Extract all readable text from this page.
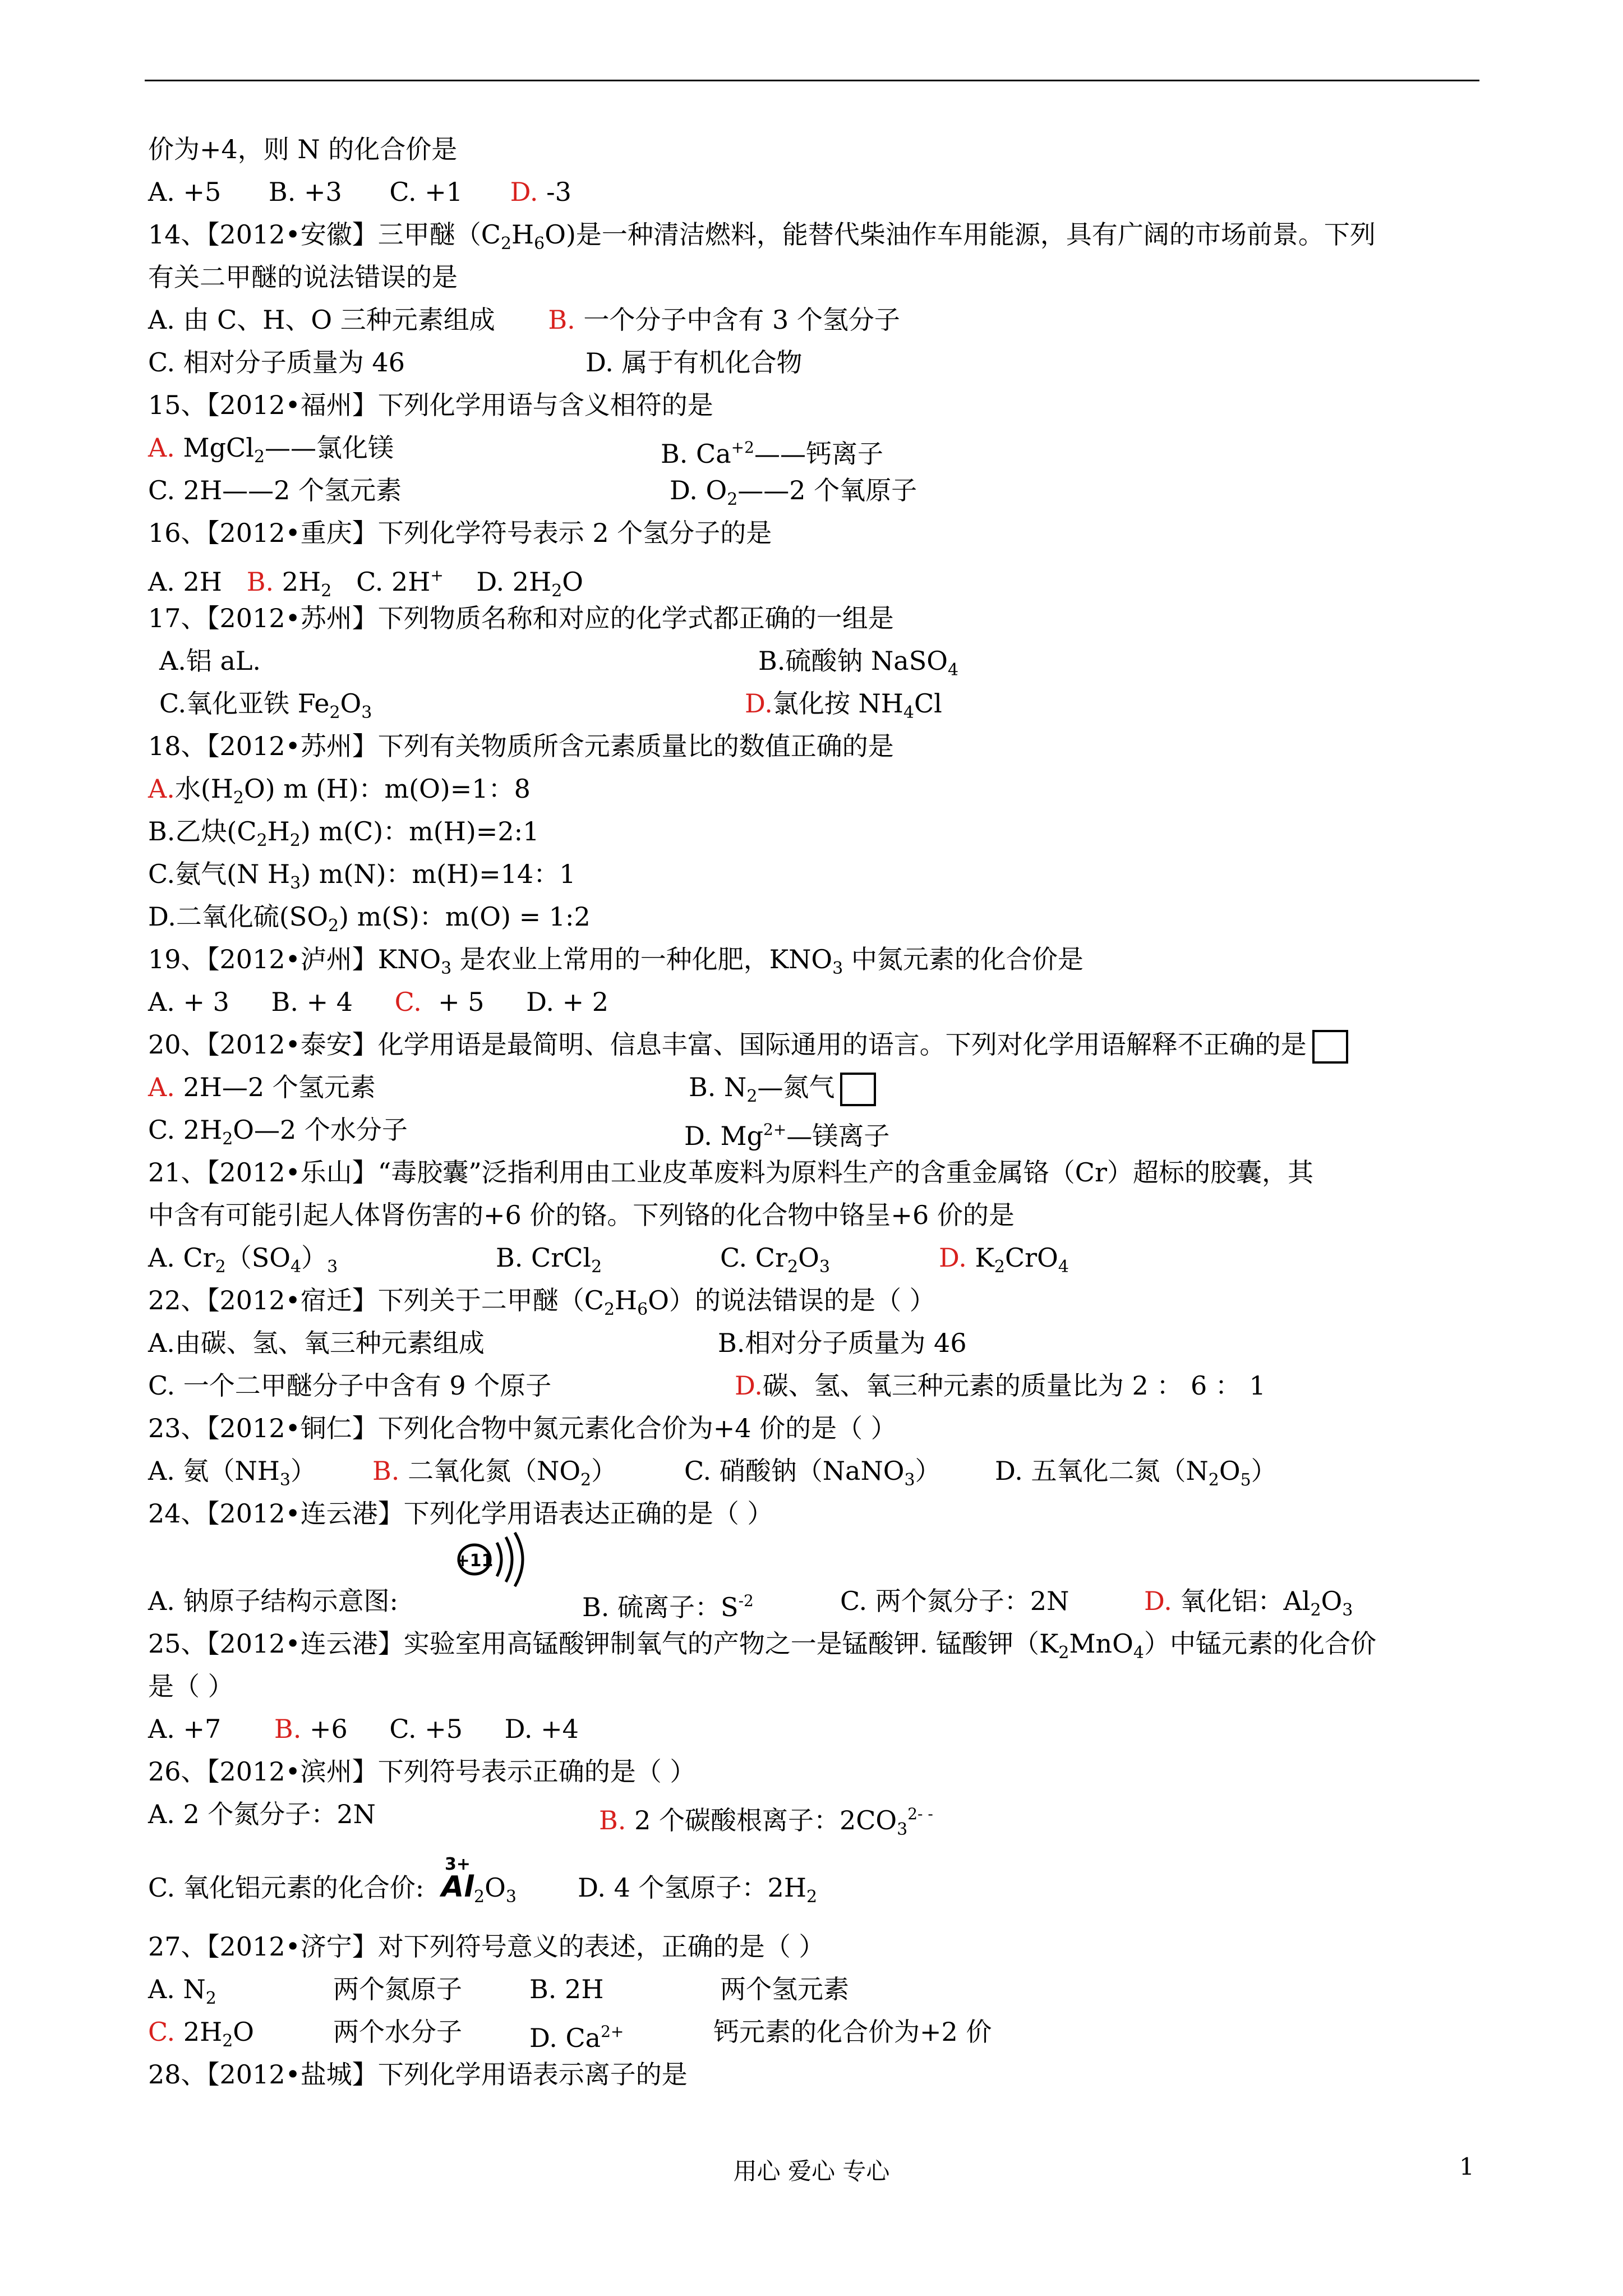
价为+4，则 N 的化合价是
A. +5 B. +3 C. +1 D. -3
14、【2012•安徽】三甲醚$(C_2H_6O)$是一种清洁燃料，能替代柴油作车用能源，具有广阔的市场前景。下列
有关二甲醚的说法错误的是
A. 由 C、H、O 三种元素组成 B. 一个分子中含有 3 个氢分子
C. 相对分子质量为 46	D. 属于有机化合物
15、【2012•福州】下列化学用语与含义相符的是
A. MgCl$_2$——氯化镁	B. $Ca^{+2}——$钙离子
C. 2H——2 个氢元素	D. $O_2——2$ 个氧原子
16、【2012•重庆】下列化学符号表示 2 个氢分子的是
A. 2H B. $2H_2$ C. 2H+ D. $2H_2O$
17、【2012•苏州】下列物质名称和对应的化学式都正确的一组是
A.铝 aL.	B.硫酸钠 NaSO$_4$
C.氧化亚铁 $Fe_2O_3$	D.氯化按 $NH_4Cl$
18、【2012•苏州】下列有关物质所含元素质量比的数值正确的是
A.水$(H_2O)$ m (H)：m(O)=1：8
B.乙炔$(C_2H_2)$ m(C)：m(H)=2:1
C.氨气(N $H_3$) m(N)：m(H)=14：1
D.二氧化硫$(SO_2)$ m(S)：m(O) = 1:2
19、【2012•泸州】$KNO_3$ 是农业上常用的一种化肥，$KNO_3$ 中氮元素的化合价是
A. + 3 B. + 4 C. + 5 D. + 2
20、【2012•泰安】化学用语是最简明、信息丰富、国际通用的语言。下列对化学用语解释不正确的是
A. 2H—2 个氢元素	B. $N_2—$氮气
C. $2H_2O—2$ 个水分子	D. $Mg^{2+}—$镁离子
21、【2012•乐山】“毒胶囊”泛指利用由工业皮革废料为原料生产的含重金属铬（Cr）超标的胶囊，其
中含有可能引起人体肾伤害的+6 价的铬。下列铬的化合物中铬呈+6 价的是
A. $Cr_2(SO_4)_3$	B. CrCl$_2$	C. $Cr_2O_3$	D. $K_2CrO_4$
22、【2012•宿迁】下列关于二甲醚$(C_2H_6O)$的说法错误的是（ ）
A.由碳、氢、氧三种元素组成	B.相对分子质量为 46
C. 一个二甲醚分子中含有 9 个原子	D.碳、氢、氧三种元素的质量比为 2 ： 6 ： 1
23、【2012•铜仁】下列化合物中氮元素化合价为+4 价的是（ ）
A. 氨$(NH_3)$ B. 二氧化氮$(NO_2)$	C. 硝酸钠（NaNO$_3$） D. 五氧化二氮$(N_2O_5)$
24、【2012•连云港】下列化学用语表达正确的是（ ）
A. 钠原子结构示意图:	B. 硫离子：$S^{-2}$	C. 两个氮分子：2N	D. 氧化铝：$Al_2O_3$
+11
25、【2012•连云港】实验室用高锰酸钾制氧气的产物之一是锰酸钾. 锰酸钾$(K_2MnO_4)$中锰元素的化合价
是（ ）
A. +7 B. +6 C. +5 D. +4
26、【2012•滨州】下列符号表示正确的是（ ）
A. 2 个氮分子：2N	B. 2 个碳酸根离子：$2CO_3^{2- -}$
C. 氧化铝元素的化合价:
3+
$Al_2O_3$ D. 4 个氢原子：$2H_2$
27、【2012•济宁】对下列符号意义的表述，正确的是（ ）
A. $N_2$	两个氮原子	B. 2H	两个氢元素
C. $2H_2O$	两个水分子	D. $Ca^{2+}$	钙元素的化合价为+2 价
28、【2012•盐城】下列化学用语表示离子的是
用心 爱心 专心	1
